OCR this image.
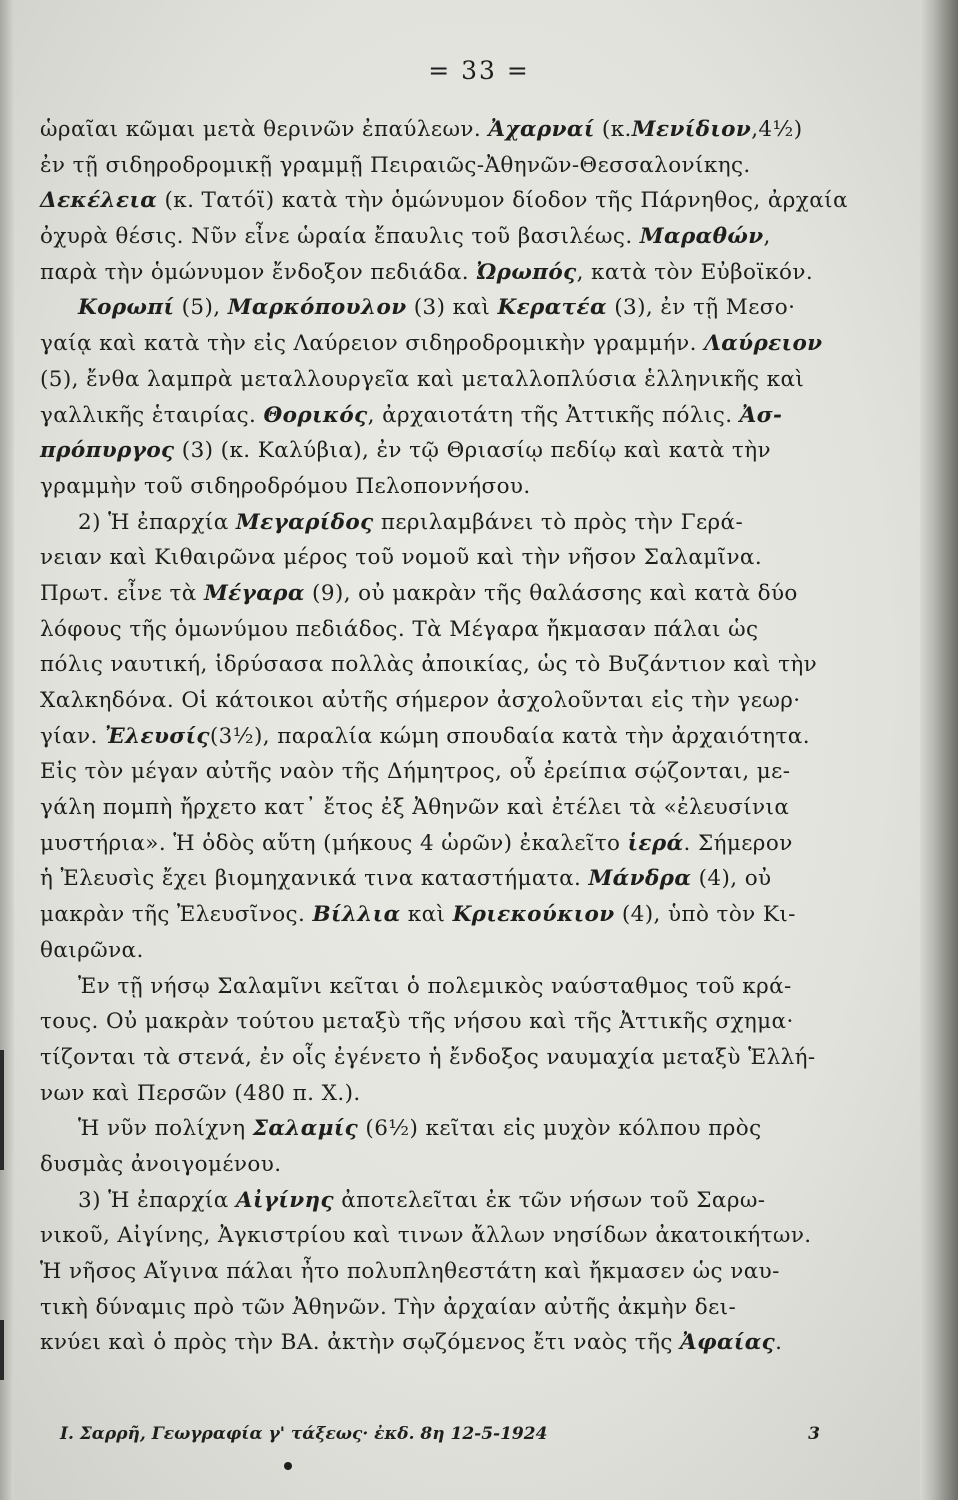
= 33 =
ὡραῖαι κῶμαι μετὰ θερινῶν ἐπαύλεων. Ἀχαρναί (κ.Μενίδιον,4½)
ἐν τῇ σιδηροδρομικῇ γραμμῇ Πειραιῶς-Ἀθηνῶν-Θεσσαλονίκης.
Δεκέλεια (κ. Τατόϊ) κατὰ τὴν ὁμώνυμον δίοδον τῆς Πάρνηθος, ἀρχαία
ὀχυρὰ θέσις. Νῦν εἶνε ὡραία ἔπαυλις τοῦ βασιλέως. Μαραθών,
παρὰ τὴν ὁμώνυμον ἔνδοξον πεδιάδα. Ὠρωπός, κατὰ τὸν Εὐβοϊκόν.
Κορωπί (5), Μαρκόπουλον (3) καὶ Κερατέα (3), ἐν τῇ Μεσο·
γαίᾳ καὶ κατὰ τὴν εἰς Λαύρειον σιδηροδρομικὴν γραμμήν. Λαύρειον
(5), ἔνθα λαμπρὰ μεταλλουργεῖα καὶ μεταλλοπλύσια ἑλληνικῆς καὶ
γαλλικῆς ἑταιρίας. Θορικός, ἀρχαιοτάτη τῆς Ἀττικῆς πόλις. Ἀσ-
πρόπυργος (3) (κ. Καλύβια), ἐν τῷ Θριασίῳ πεδίῳ καὶ κατὰ τὴν
γραμμὴν τοῦ σιδηροδρόμου Πελοποννήσου.
2) Ἡ ἐπαρχία Μεγαρίδος περιλαμβάνει τὸ πρὸς τὴν Γερά-
νειαν καὶ Κιθαιρῶνα μέρος τοῦ νομοῦ καὶ τὴν νῆσον Σαλαμῖνα.
Πρωτ. εἶνε τὰ Μέγαρα (9), οὐ μακρὰν τῆς θαλάσσης καὶ κατὰ δύο
λόφους τῆς ὁμωνύμου πεδιάδος. Τὰ Μέγαρα ἤκμασαν πάλαι ὡς
πόλις ναυτική, ἱδρύσασα πολλὰς ἀποικίας, ὡς τὸ Βυζάντιον καὶ τὴν
Χαλκηδόνα. Οἱ κάτοικοι αὐτῆς σήμερον ἀσχολοῦνται εἰς τὴν γεωρ·
γίαν. Ἐλευσίς(3½), παραλία κώμη σπουδαία κατὰ τὴν ἀρχαιότητα.
Εἰς τὸν μέγαν αὐτῆς ναὸν τῆς Δήμητρος, οὗ ἐρείπια σῴζονται, με-
γάλη πομπὴ ἤρχετο κατ᾽ ἔτος ἐξ Ἀθηνῶν καὶ ἐτέλει τὰ «ἐλευσίνια
μυστήρια». Ἡ ὁδὸς αὕτη (μήκους 4 ὡρῶν) ἐκαλεῖτο ἱερά. Σήμερον
ἡ Ἐλευσὶς ἔχει βιομηχανικά τινα καταστήματα. Μάνδρα (4), οὐ
μακρὰν τῆς Ἐλευσῖνος. Βίλλια καὶ Κριεκούκιον (4), ὑπὸ τὸν Κι-
θαιρῶνα.
Ἐν τῇ νήσῳ Σαλαμῖνι κεῖται ὁ πολεμικὸς ναύσταθμος τοῦ κρά-
τους. Οὐ μακρὰν τούτου μεταξὺ τῆς νήσου καὶ τῆς Ἀττικῆς σχημα·
τίζονται τὰ στενά, ἐν οἷς ἐγένετο ἡ ἔνδοξος ναυμαχία μεταξὺ Ἑλλή-
νων καὶ Περσῶν (480 π. Χ.).
Ἡ νῦν πολίχνη Σαλαμίς (6½) κεῖται εἰς μυχὸν κόλπου πρὸς
δυσμὰς ἀνοιγομένου.
3) Ἡ ἐπαρχία Αἰγίνης ἀποτελεῖται ἐκ τῶν νήσων τοῦ Σαρω-
νικοῦ, Αἰγίνης, Ἀγκιστρίου καὶ τινων ἄλλων νησίδων ἀκατοικήτων.
Ἡ νῆσος Αἴγινα πάλαι ἦτο πολυπληθεστάτη καὶ ἤκμασεν ὡς ναυ-
τικὴ δύναμις πρὸ τῶν Ἀθηνῶν. Τὴν ἀρχαίαν αὐτῆς ἀκμὴν δει-
κνύει καὶ ὁ πρὸς τὴν ΒΑ. ἀκτὴν σῳζόμενος ἔτι ναὸς τῆς Ἀφαίας.
Ι. Σαρρῆ, Γεωγραφία γ' τάξεως· ἐκδ. 8η 12-5-1924	3
